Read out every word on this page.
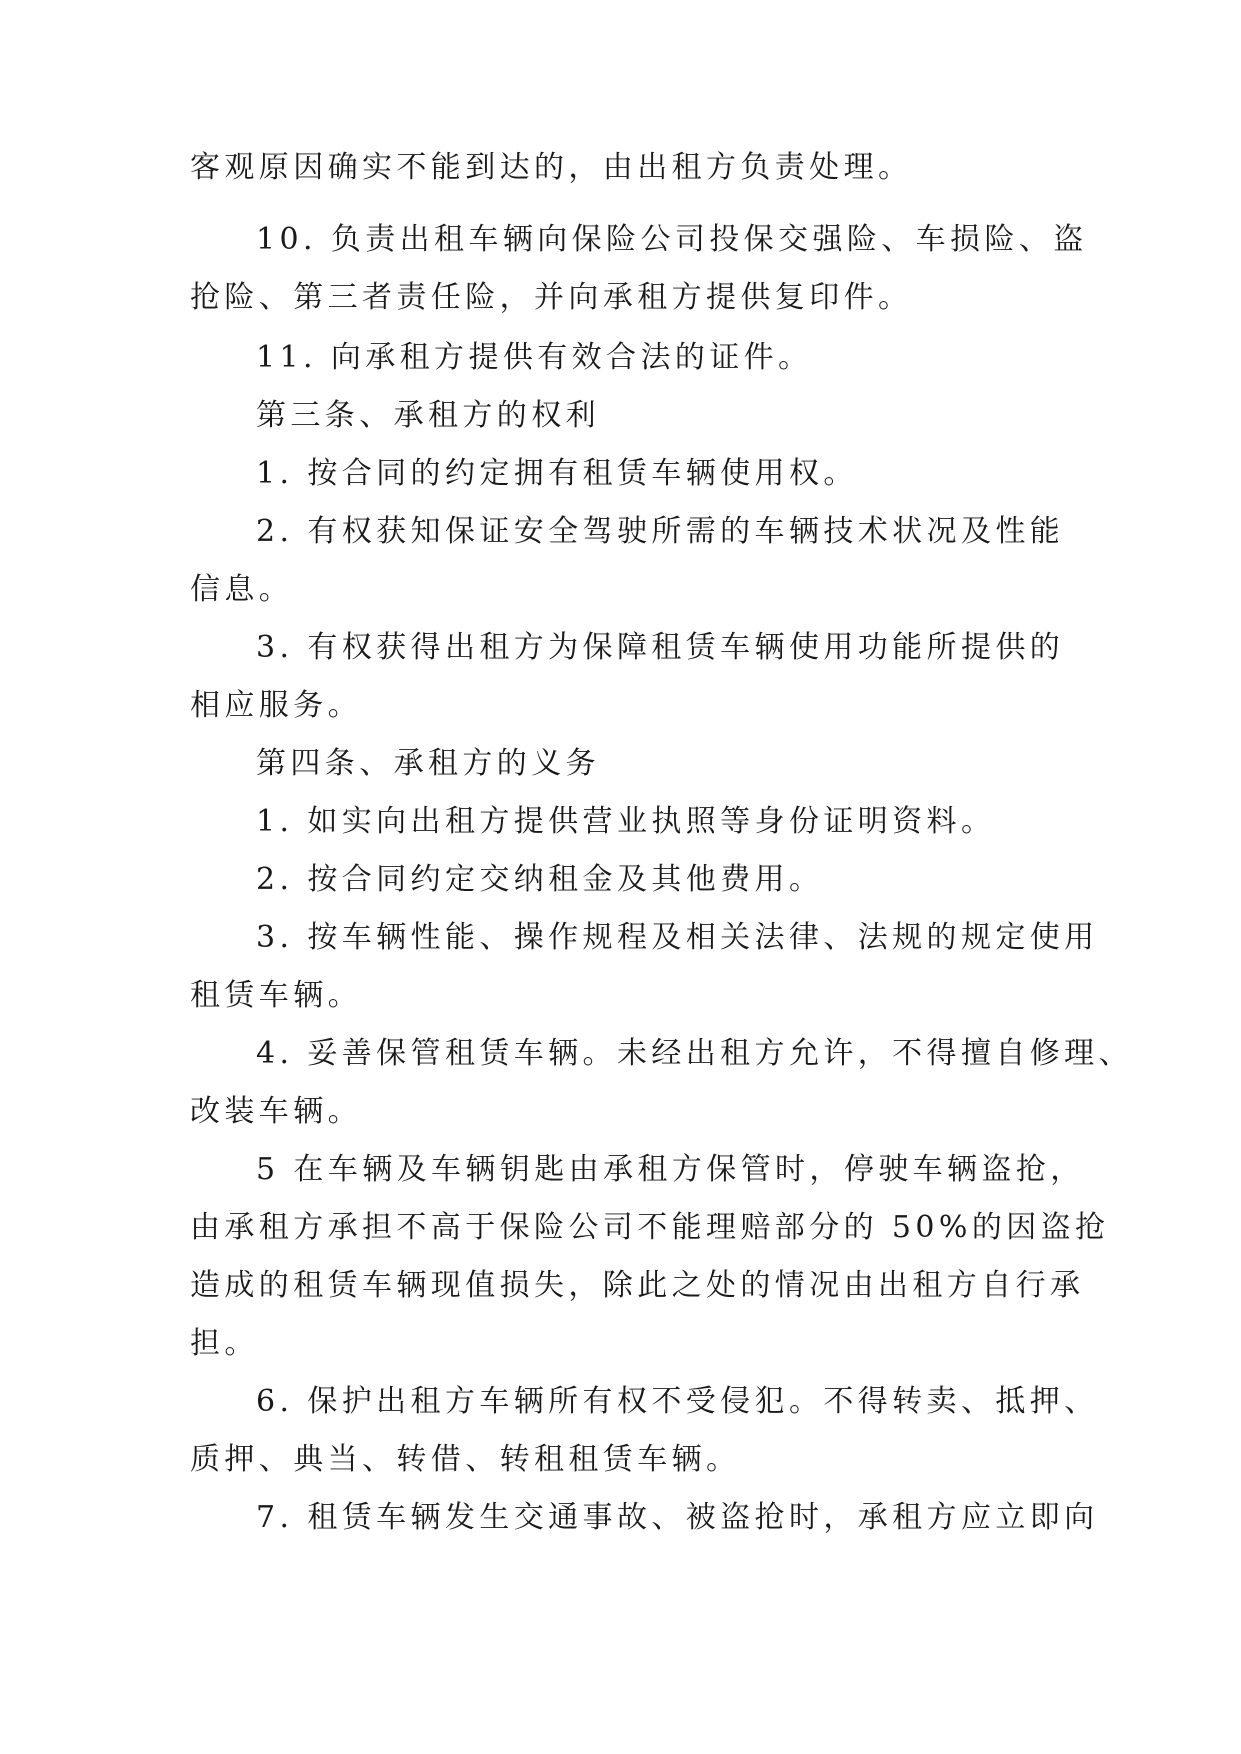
客观原因确实不能到达的，由出租方负责处理。
10. 负责出租车辆向保险公司投保交强险、车损险、盗
抢险、第三者责任险，并向承租方提供复印件。
11. 向承租方提供有效合法的证件。
第三条、承租方的权利
1. 按合同的约定拥有租赁车辆使用权。
2. 有权获知保证安全驾驶所需的车辆技术状况及性能
信息。
3. 有权获得出租方为保障租赁车辆使用功能所提供的
相应服务。
第四条、承租方的义务
1. 如实向出租方提供营业执照等身份证明资料。
2. 按合同约定交纳租金及其他费用。
3. 按车辆性能、操作规程及相关法律、法规的规定使用
租赁车辆。
4. 妥善保管租赁车辆。未经出租方允许，不得擅自修理、
改装车辆。
5 在车辆及车辆钥匙由承租方保管时，停驶车辆盗抢，
由承租方承担不高于保险公司不能理赔部分的 50%的因盗抢
造成的租赁车辆现值损失，除此之处的情况由出租方自行承
担。
6. 保护出租方车辆所有权不受侵犯。不得转卖、抵押、
质押、典当、转借、转租租赁车辆。
7. 租赁车辆发生交通事故、被盗抢时，承租方应立即向
